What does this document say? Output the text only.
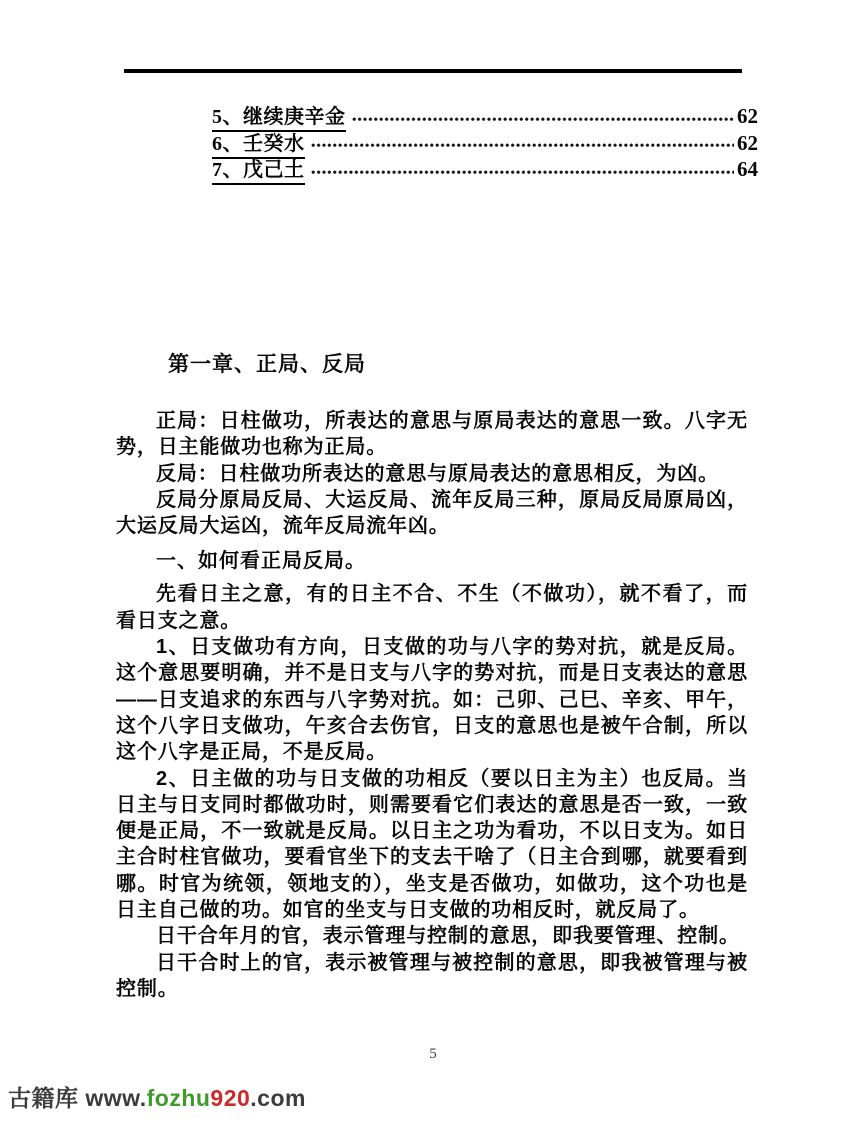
5、继续庚辛金	62
6、壬癸水	62
7、戊己土	64
第一章、正局、反局

正局：日柱做功，所表达的意思与原局表达的意思一致。八字无势，日主能做功也称为正局。

反局：日柱做功所表达的意思与原局表达的意思相反，为凶。

反局分原局反局、大运反局、流年反局三种，原局反局原局凶，大运反局大运凶，流年反局流年凶。

一、如何看正局反局。

先看日主之意，有的日主不合、不生（不做功），就不看了，而看日支之意。

1、日支做功有方向，日支做的功与八字的势对抗，就是反局。这个意思要明确，并不是日支与八字的势对抗，而是日支表达的意思——日支追求的东西与八字势对抗。如：己卯、己巳、辛亥、甲午，这个八字日支做功，午亥合去伤官，日支的意思也是被午合制，所以这个八字是正局，不是反局。

2、日主做的功与日支做的功相反（要以日主为主）也反局。当日主与日支同时都做功时，则需要看它们表达的意思是否一致，一致便是正局，不一致就是反局。以日主之功为看功，不以日支为。如日主合时柱官做功，要看官坐下的支去干啥了（日主合到哪，就要看到哪。时官为统领，领地支的），坐支是否做功，如做功，这个功也是日主自己做的功。如官的坐支与日支做的功相反时，就反局了。

日干合年月的官，表示管理与控制的意思，即我要管理、控制。

日干合时上的官，表示被管理与被控制的意思，即我被管理与被控制。

5
古籍库 www.fozhu920.com
